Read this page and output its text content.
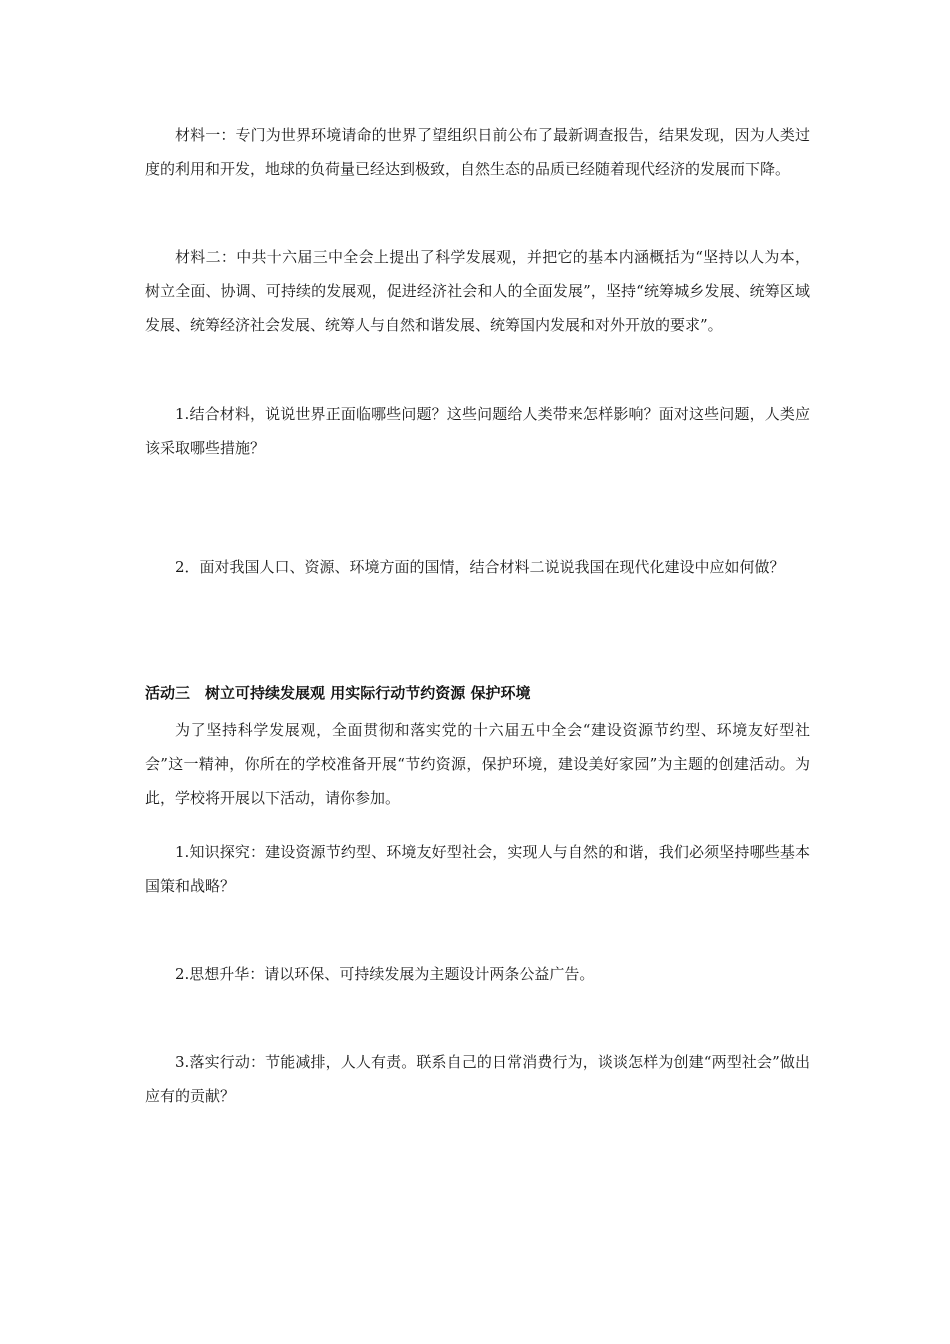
材料一：专门为世界环境请命的世界了望组织日前公布了最新调查报告，结果发现，因为人类过度的利用和开发，地球的负荷量已经达到极致，自然生态的品质已经随着现代经济的发展而下降。

材料二：中共十六届三中全会上提出了科学发展观，并把它的基本内涵概括为“坚持以人为本，树立全面、协调、可持续的发展观，促进经济社会和人的全面发展”，坚持“统筹城乡发展、统筹区域发展、统筹经济社会发展、统筹人与自然和谐发展、统筹国内发展和对外开放的要求”。

1.结合材料，说说世界正面临哪些问题？这些问题给人类带来怎样影响？面对这些问题，人类应该采取哪些措施？

2．面对我国人口、资源、环境方面的国情，结合材料二说说我国在现代化建设中应如何做？

活动三　树立可持续发展观 用实际行动节约资源 保护环境

为了坚持科学发展观，全面贯彻和落实党的十六届五中全会“建设资源节约型、环境友好型社会”这一精神，你所在的学校准备开展“节约资源，保护环境，建设美好家园”为主题的创建活动。为此，学校将开展以下活动，请你参加。

1.知识探究：建设资源节约型、环境友好型社会，实现人与自然的和谐，我们必须坚持哪些基本国策和战略？

2.思想升华：请以环保、可持续发展为主题设计两条公益广告。

3.落实行动：节能减排，人人有责。联系自己的日常消费行为，谈谈怎样为创建“两型社会”做出应有的贡献？
